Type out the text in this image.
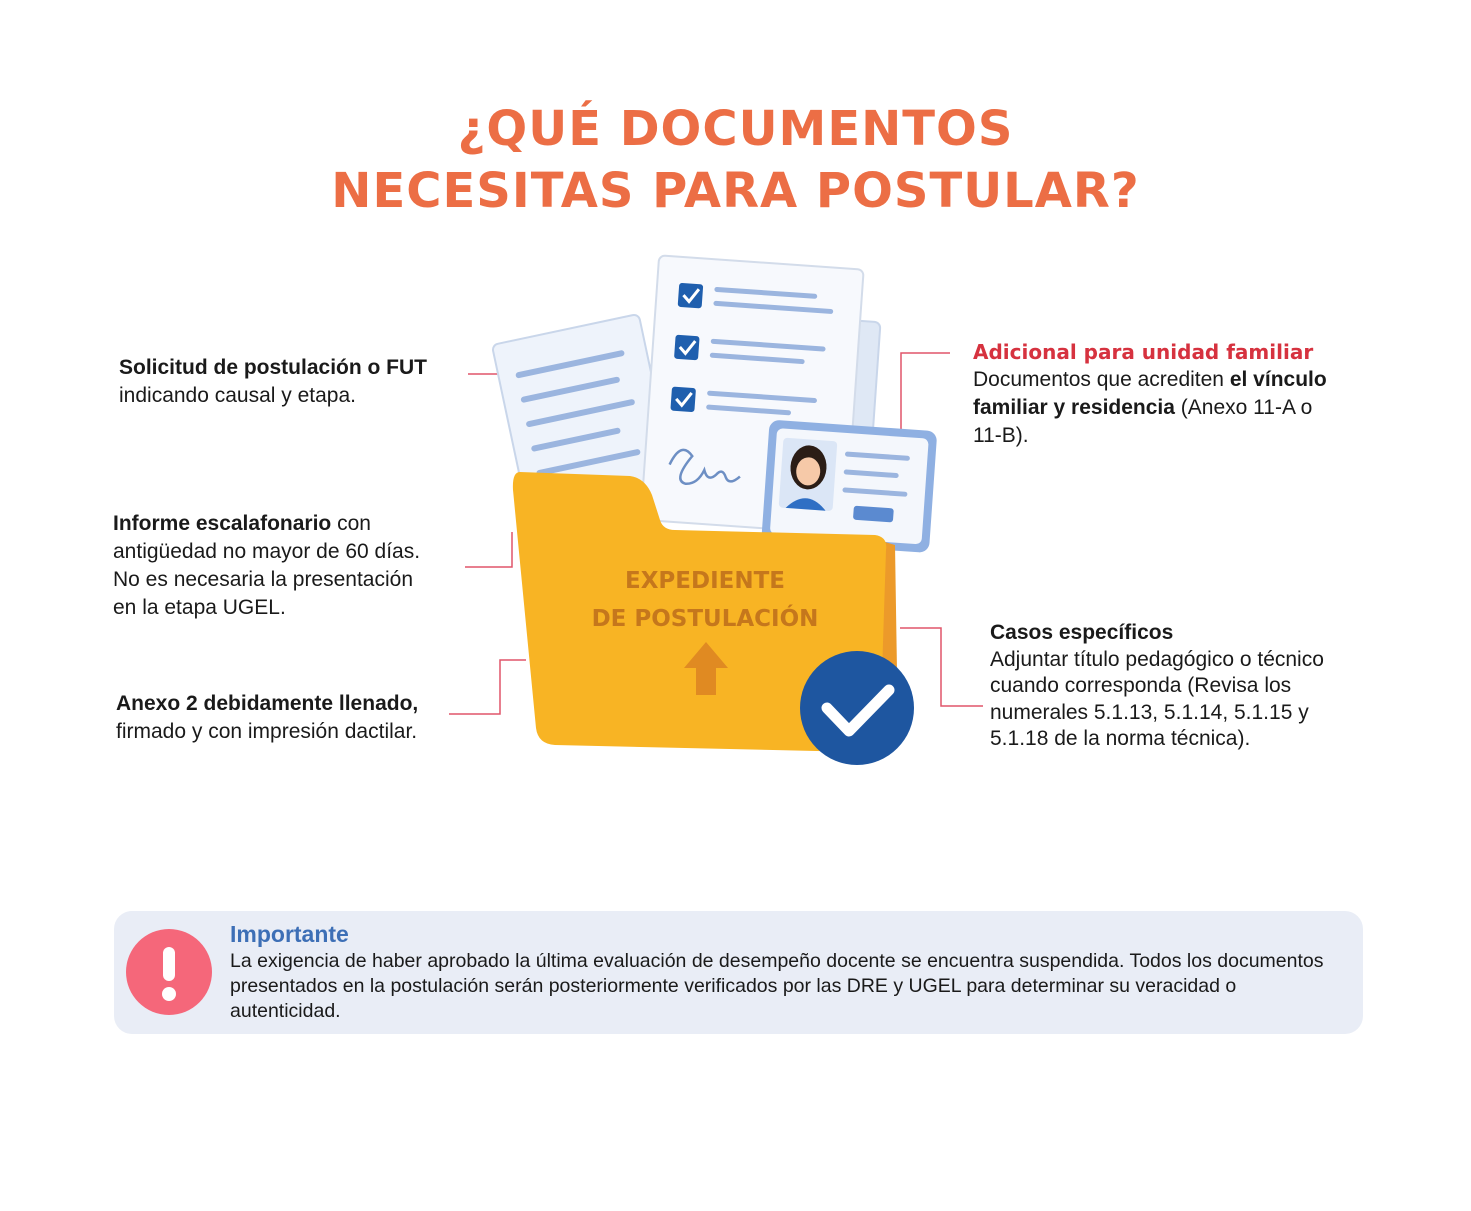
¿QUÉ DOCUMENTOS
NECESITAS PARA POSTULAR?
Solicitud de postulación o FUT
indicando causal y etapa.
Informe escalafonario con
antigüedad no mayor de 60 días.
No es necesaria la presentación
en la etapa UGEL.
Anexo 2 debidamente llenado,
firmado y con impresión dactilar.
Adicional para unidad familiar
Documentos que acrediten el vínculo
familiar y residencia (Anexo 11-A o
11-B).
Casos específicos
Adjuntar título pedagógico o técnico
cuando corresponda (Revisa los
numerales 5.1.13, 5.1.14, 5.1.15 y
5.1.18 de la norma técnica).
EXPEDIENTE
DE POSTULACIÓN
Importante
La exigencia de haber aprobado la última evaluación de desempeño docente se encuentra suspendida. Todos los documentos presentados en la postulación serán posteriormente verificados por las DRE y UGEL para determinar su veracidad o autenticidad.
